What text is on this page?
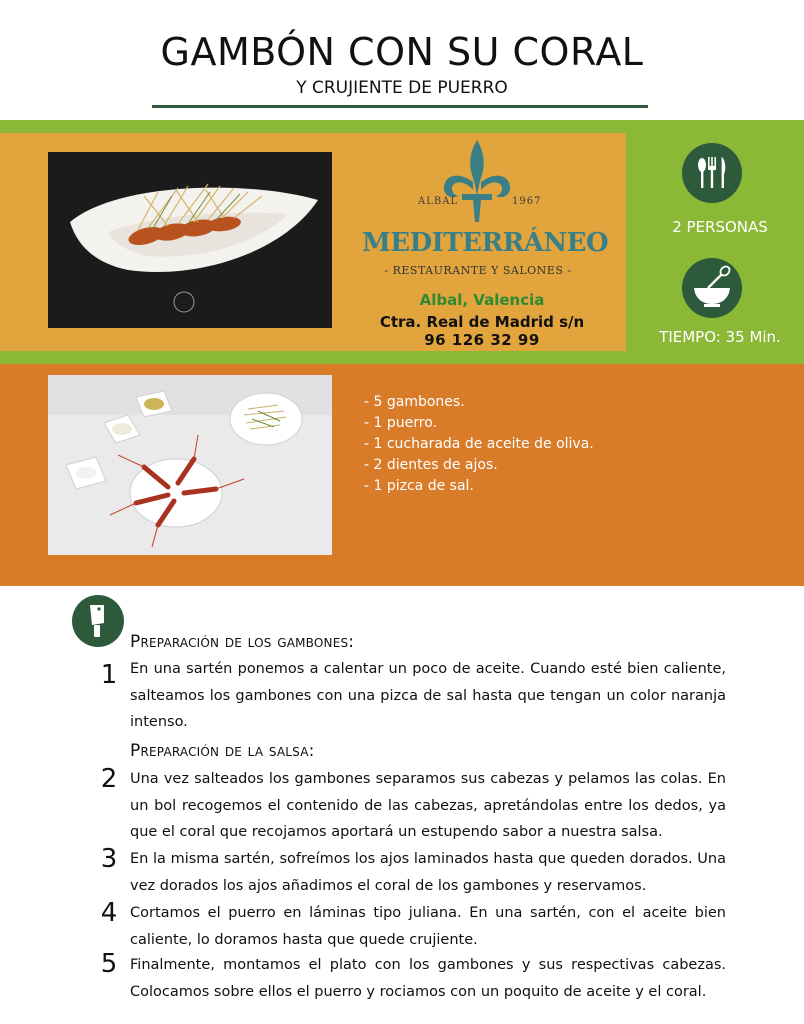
GAMBÓN CON SU CORAL
Y CRUJIENTE DE PUERRO
ALBAL	1967
MEDITERRÁNEO
- RESTAURANTE Y SALONES -
Albal, Valencia
Ctra. Real de Madrid s/n
96 126 32 99
2 PERSONAS
TIEMPO: 35 Min.
- 5 gambones.
- 1 puerro.
- 1 cucharada de aceite de oliva.
- 2 dientes de ajos.
- 1 pizca de sal.
Preparación de los gambones:
1 En una sartén ponemos a calentar un poco de aceite. Cuando esté bien caliente, salteamos los gambones con una pizca de sal hasta que tengan un color naranja intenso.
Preparación de la salsa:
2 Una vez salteados los gambones separamos sus cabezas y pelamos las colas. En un bol recogemos el contenido de las cabezas, apretándolas entre los dedos, ya que el coral que recojamos aportará un estupendo sabor a nuestra salsa.
3 En la misma sartén, sofreímos los ajos laminados hasta que queden dorados. Una vez dorados los ajos añadimos el coral de los gambones y reservamos.
4 Cortamos el puerro en láminas tipo juliana. En una sartén, con el aceite bien caliente, lo doramos hasta que quede crujiente.
5 Finalmente, montamos el plato con los gambones y sus respectivas cabezas. Colocamos sobre ellos el puerro y rociamos con un poquito de aceite y el coral.
